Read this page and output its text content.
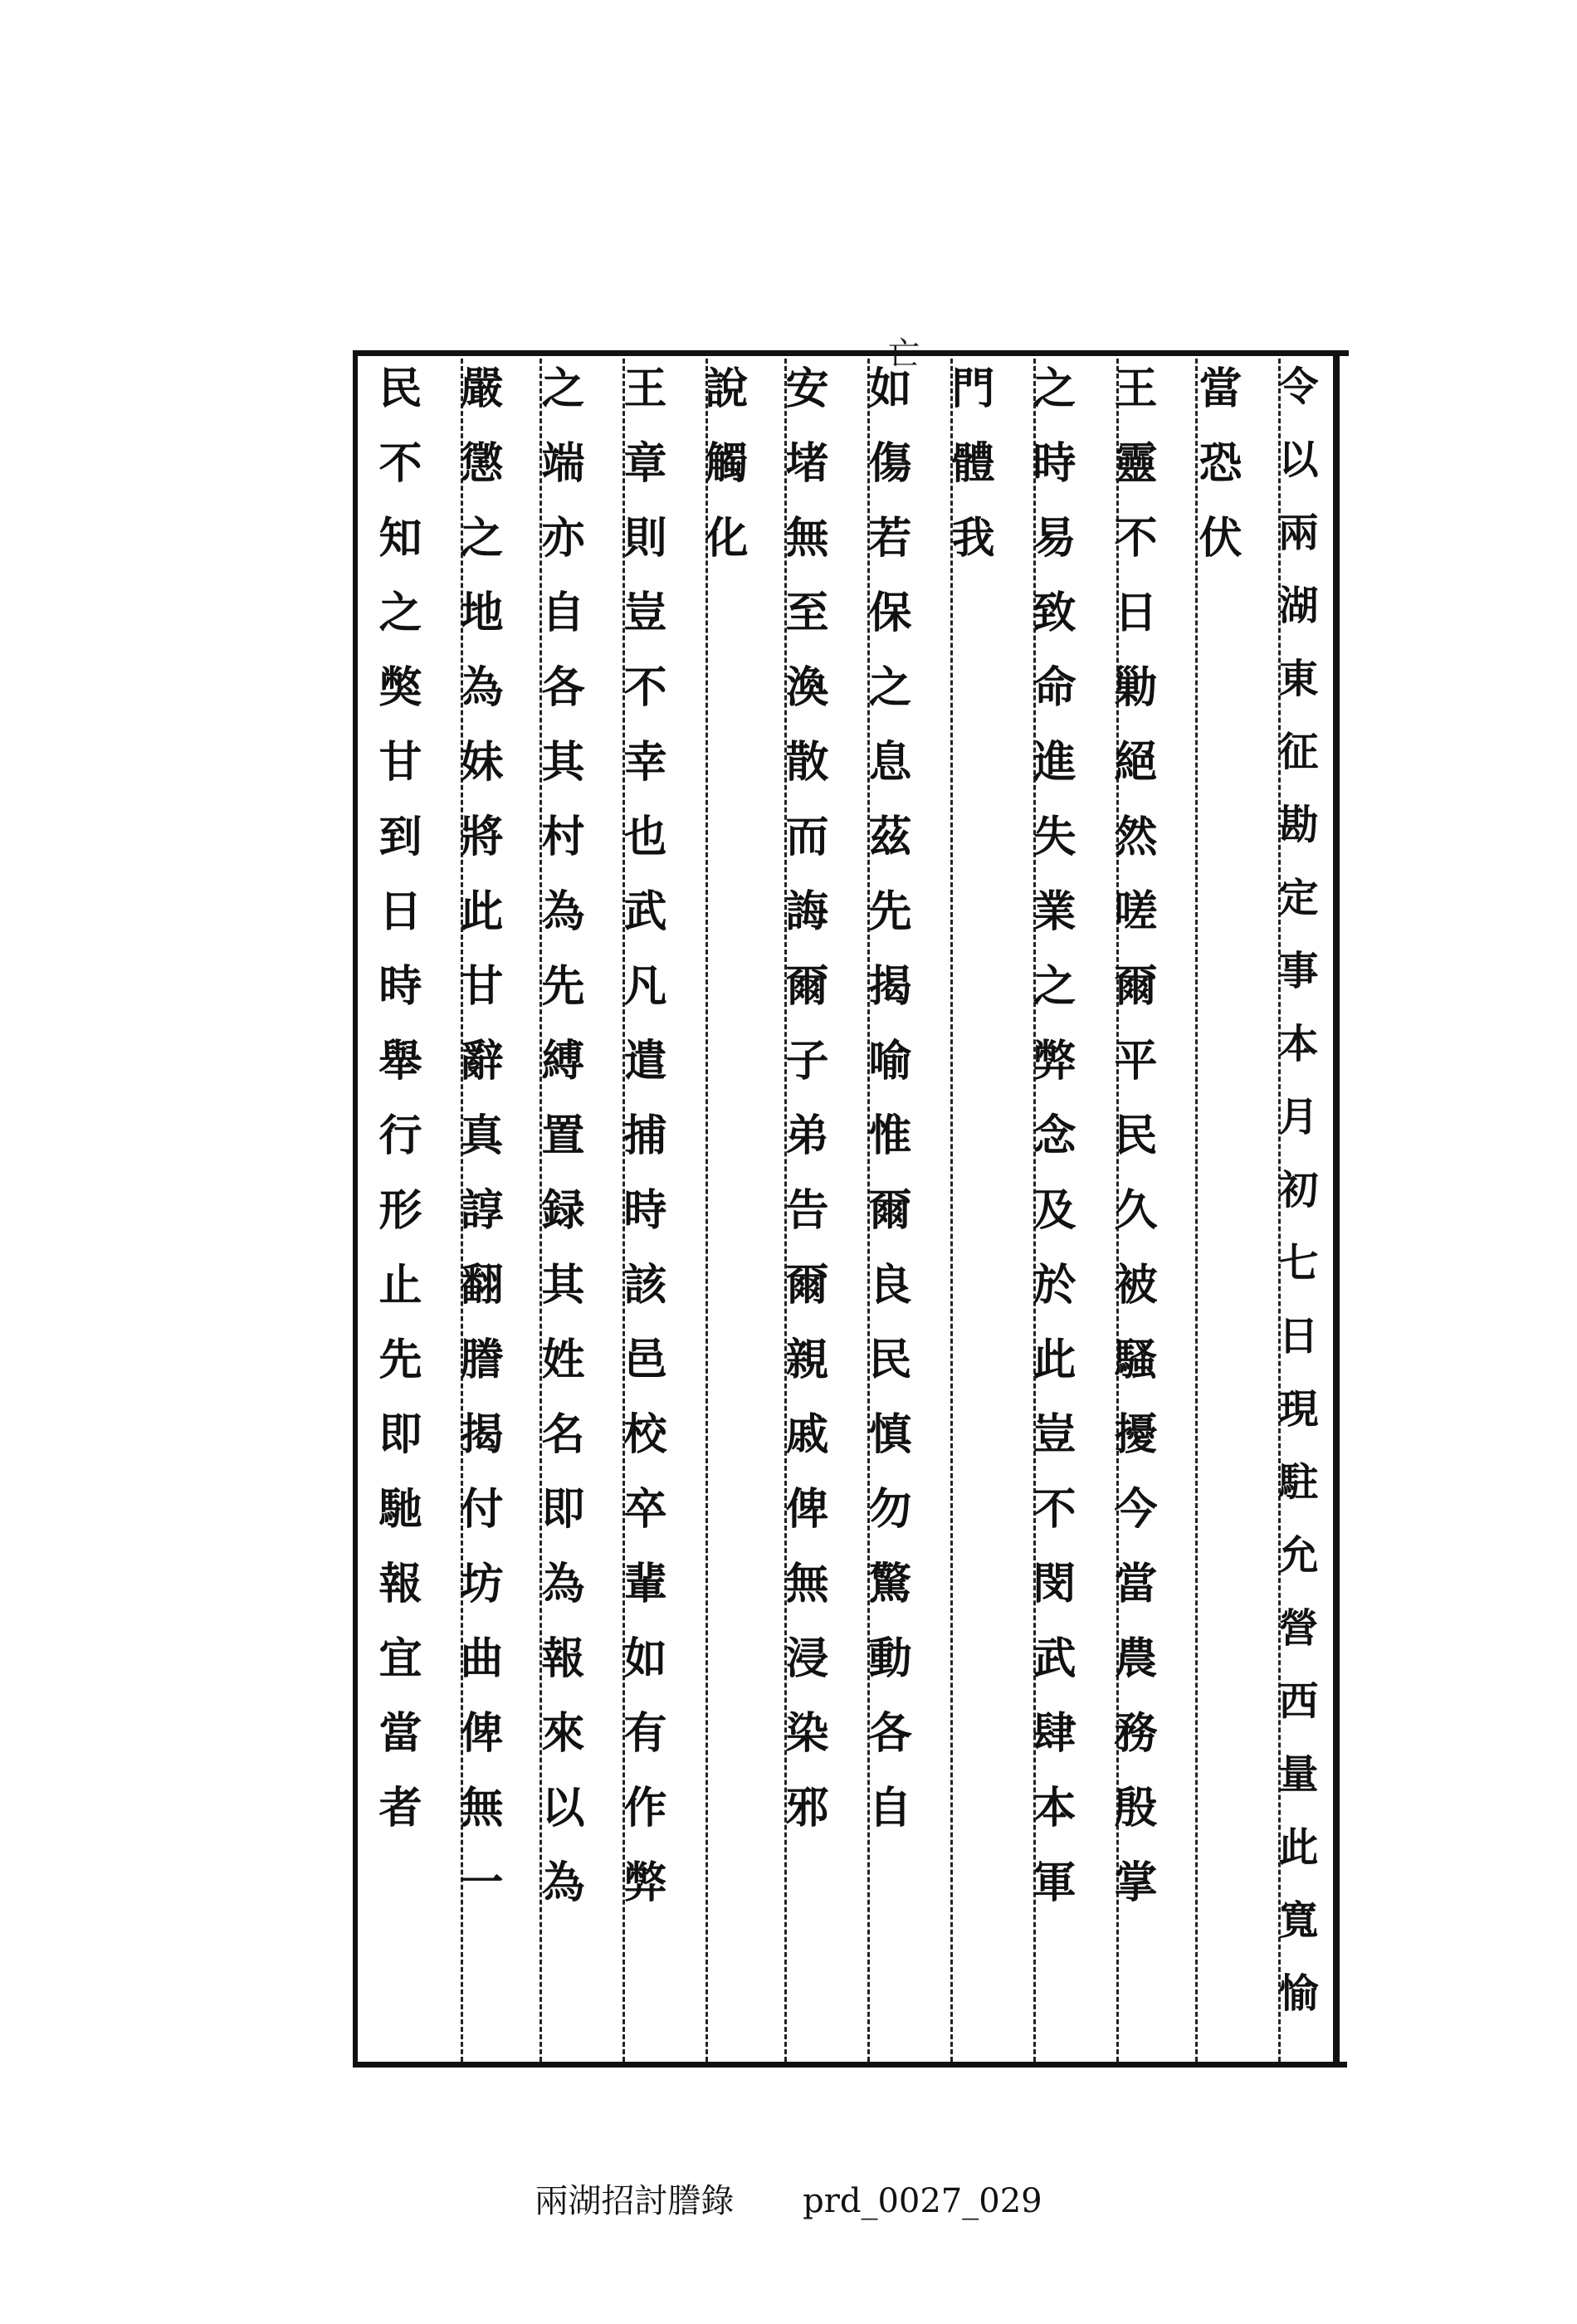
亡
令以兩湖東征勘定事本月初七日現駐允營西量此寬愉
當恐伏
王靈不日勦絕然嗟爾平民久被騷擾今當農務殷掌
之時易致命進失業之弊念及於此豈不閔武肆本軍
門體我
如傷若保之息茲先揭喻惟爾良民慎勿驚動各自
安堵無至渙散而誨爾子弟告爾親戚俾無浸染邪
說觸化
王章則豈不幸也武凡遣捕時該邑校卒輩如有作弊
之端亦自各其村為先縛置録其姓名即為報來以為
嚴懲之地為妹將此甘辭真諄翻謄揭付坊曲俾無一
民不知之獘甘到日時舉行形止先即馳報宜當者
兩湖招討謄錄 prd_0027_029
